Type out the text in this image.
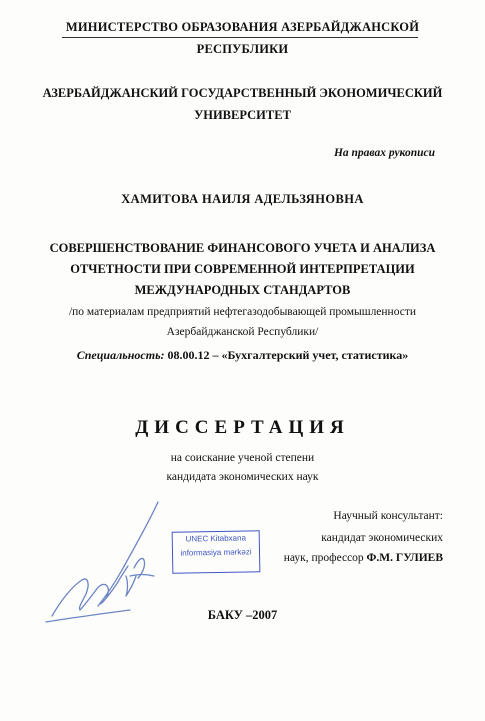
МИНИСТЕРСТВО ОБРАЗОВАНИЯ АЗЕРБАЙДЖАНСКОЙ
РЕСПУБЛИКИ
АЗЕРБАЙДЖАНСКИЙ ГОСУДАРСТВЕННЫЙ ЭКОНОМИЧЕСКИЙ
УНИВЕРСИТЕТ
На правах рукописи
ХАМИТОВА НАИЛЯ АДЕЛЬЗЯНОВНА
СОВЕРШЕНСТВОВАНИЕ ФИНАНСОВОГО УЧЕТА И АНАЛИЗА
ОТЧЕТНОСТИ ПРИ СОВРЕМЕННОЙ ИНТЕРПРЕТАЦИИ
МЕЖДУНАРОДНЫХ СТАНДАРТОВ
/по материалам предприятий нефтегазодобывающей промышленности
Азербайджанской Республики/
Специальность: 08.00.12 – «Бухгалтерский учет, статистика»
ДИССЕРТАЦИЯ
на соискание ученой степени
кандидата экономических наук
Научный консультант:
кандидат экономических
наук, профессор Ф.М. ГУЛИЕВ
UNEC Kitabxana
informasiya mərkəzi
БАКУ –2007
